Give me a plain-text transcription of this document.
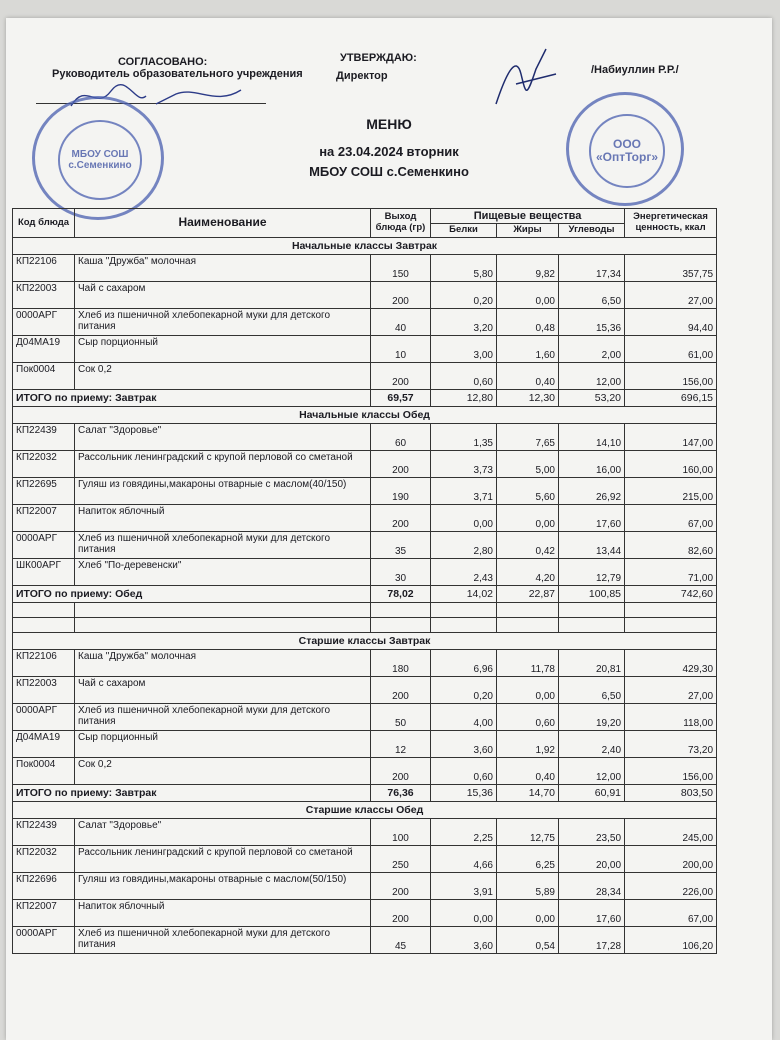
СОГЛАСОВАНО:
Руководитель образовательного учреждения
УТВЕРЖДАЮ:
Директор	/Набиуллин Р.Р./
МБОУ СОШ с.Семенкино
ООО
«ОптТорг»
МЕНЮ
на 23.04.2024 вторник
МБОУ СОШ с.Семенкино
Код блюда	Наименование	Выход блюда (гр)	Пищевые вещества			Энергетическая ценность, ккал
			Белки	Жиры	Углеводы	
Начальные классы Завтрак						
КП22106	Каша "Дружба" молочная	150	5,80	9,82	17,34	357,75
КП22003	Чай с сахаром	200	0,20	0,00	6,50	27,00
0000АРГ	Хлеб из пшеничной хлебопекарной муки для детского питания	40	3,20	0,48	15,36	94,40
Д04МА19	Сыр порционный	10	3,00	1,60	2,00	61,00
Пок0004	Сок 0,2	200	0,60	0,40	12,00	156,00
ИТОГО по приему: Завтрак		69,57	12,80	12,30	53,20	696,15
Начальные классы Обед						
КП22439	Салат "Здоровье"	60	1,35	7,65	14,10	147,00
КП22032	Рассольник ленинградский с крупой перловой со сметаной	200	3,73	5,00	16,00	160,00
КП22695	Гуляш из говядины,макароны отварные с маслом(40/150)	190	3,71	5,60	26,92	215,00
КП22007	Напиток яблочный	200	0,00	0,00	17,60	67,00
0000АРГ	Хлеб из пшеничной хлебопекарной муки для детского питания	35	2,80	0,42	13,44	82,60
ШК00АРГ	Хлеб "По-деревенски"	30	2,43	4,20	12,79	71,00
ИТОГО по приему: Обед		78,02	14,02	22,87	100,85	742,60

Старшие классы Завтрак						
КП22106	Каша "Дружба" молочная	180	6,96	11,78	20,81	429,30
КП22003	Чай с сахаром	200	0,20	0,00	6,50	27,00
0000АРГ	Хлеб из пшеничной хлебопекарной муки для детского питания	50	4,00	0,60	19,20	118,00
Д04МА19	Сыр порционный	12	3,60	1,92	2,40	73,20
Пок0004	Сок 0,2	200	0,60	0,40	12,00	156,00
ИТОГО по приему: Завтрак		76,36	15,36	14,70	60,91	803,50
Старшие классы Обед						
КП22439	Салат "Здоровье"	100	2,25	12,75	23,50	245,00
КП22032	Рассольник ленинградский с крупой перловой со сметаной	250	4,66	6,25	20,00	200,00
КП22696	Гуляш из говядины,макароны отварные с маслом(50/150)	200	3,91	5,89	28,34	226,00
КП22007	Напиток яблочный	200	0,00	0,00	17,60	67,00
0000АРГ	Хлеб из пшеничной хлебопекарной муки для детского питания	45	3,60	0,54	17,28	106,20
